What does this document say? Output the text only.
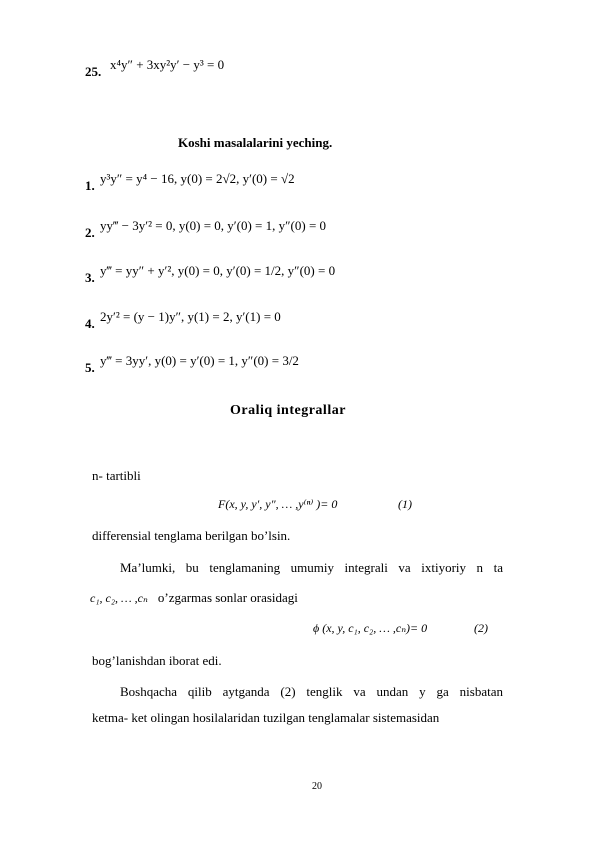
25. x⁴y″ + 3xy²y′ − y³ = 0
Koshi masalalarini yeching.
1. y³y″ = y⁴ − 16, y(0) = 2√2, y′(0) = √2
2. yy‴ − 3y′² = 0, y(0) = 0, y′(0) = 1, y″(0) = 0
3. y‴ = yy″ + y′², y(0) = 0, y′(0) = 1/2, y″(0) = 0
4. 2y′² = (y − 1)y″, y(1) = 2, y′(1) = 0
5. y‴ = 3yy′, y(0) = y′(0) = 1, y″(0) = 3/2
Oraliq integrallar
n- tartibli
F(x, y, y′, y″, … ,y⁽ⁿ⁾ )= 0	(1)
differensial tenglama berilgan bo’lsin.
Ma’lumki, bu tenglamaning umumiy integrali va ixtiyoriy n ta
c₁, c₂, … ,cₙ o’zgarmas sonlar orasidagi
ϕ (x, y, c₁, c₂, … ,cₙ)= 0	(2)
bog’lanishdan iborat edi.
Boshqacha qilib aytganda (2) tenglik va undan y ga nisbatan
ketma- ket olingan hosilalaridan tuzilgan tenglamalar sistemasidan
20
